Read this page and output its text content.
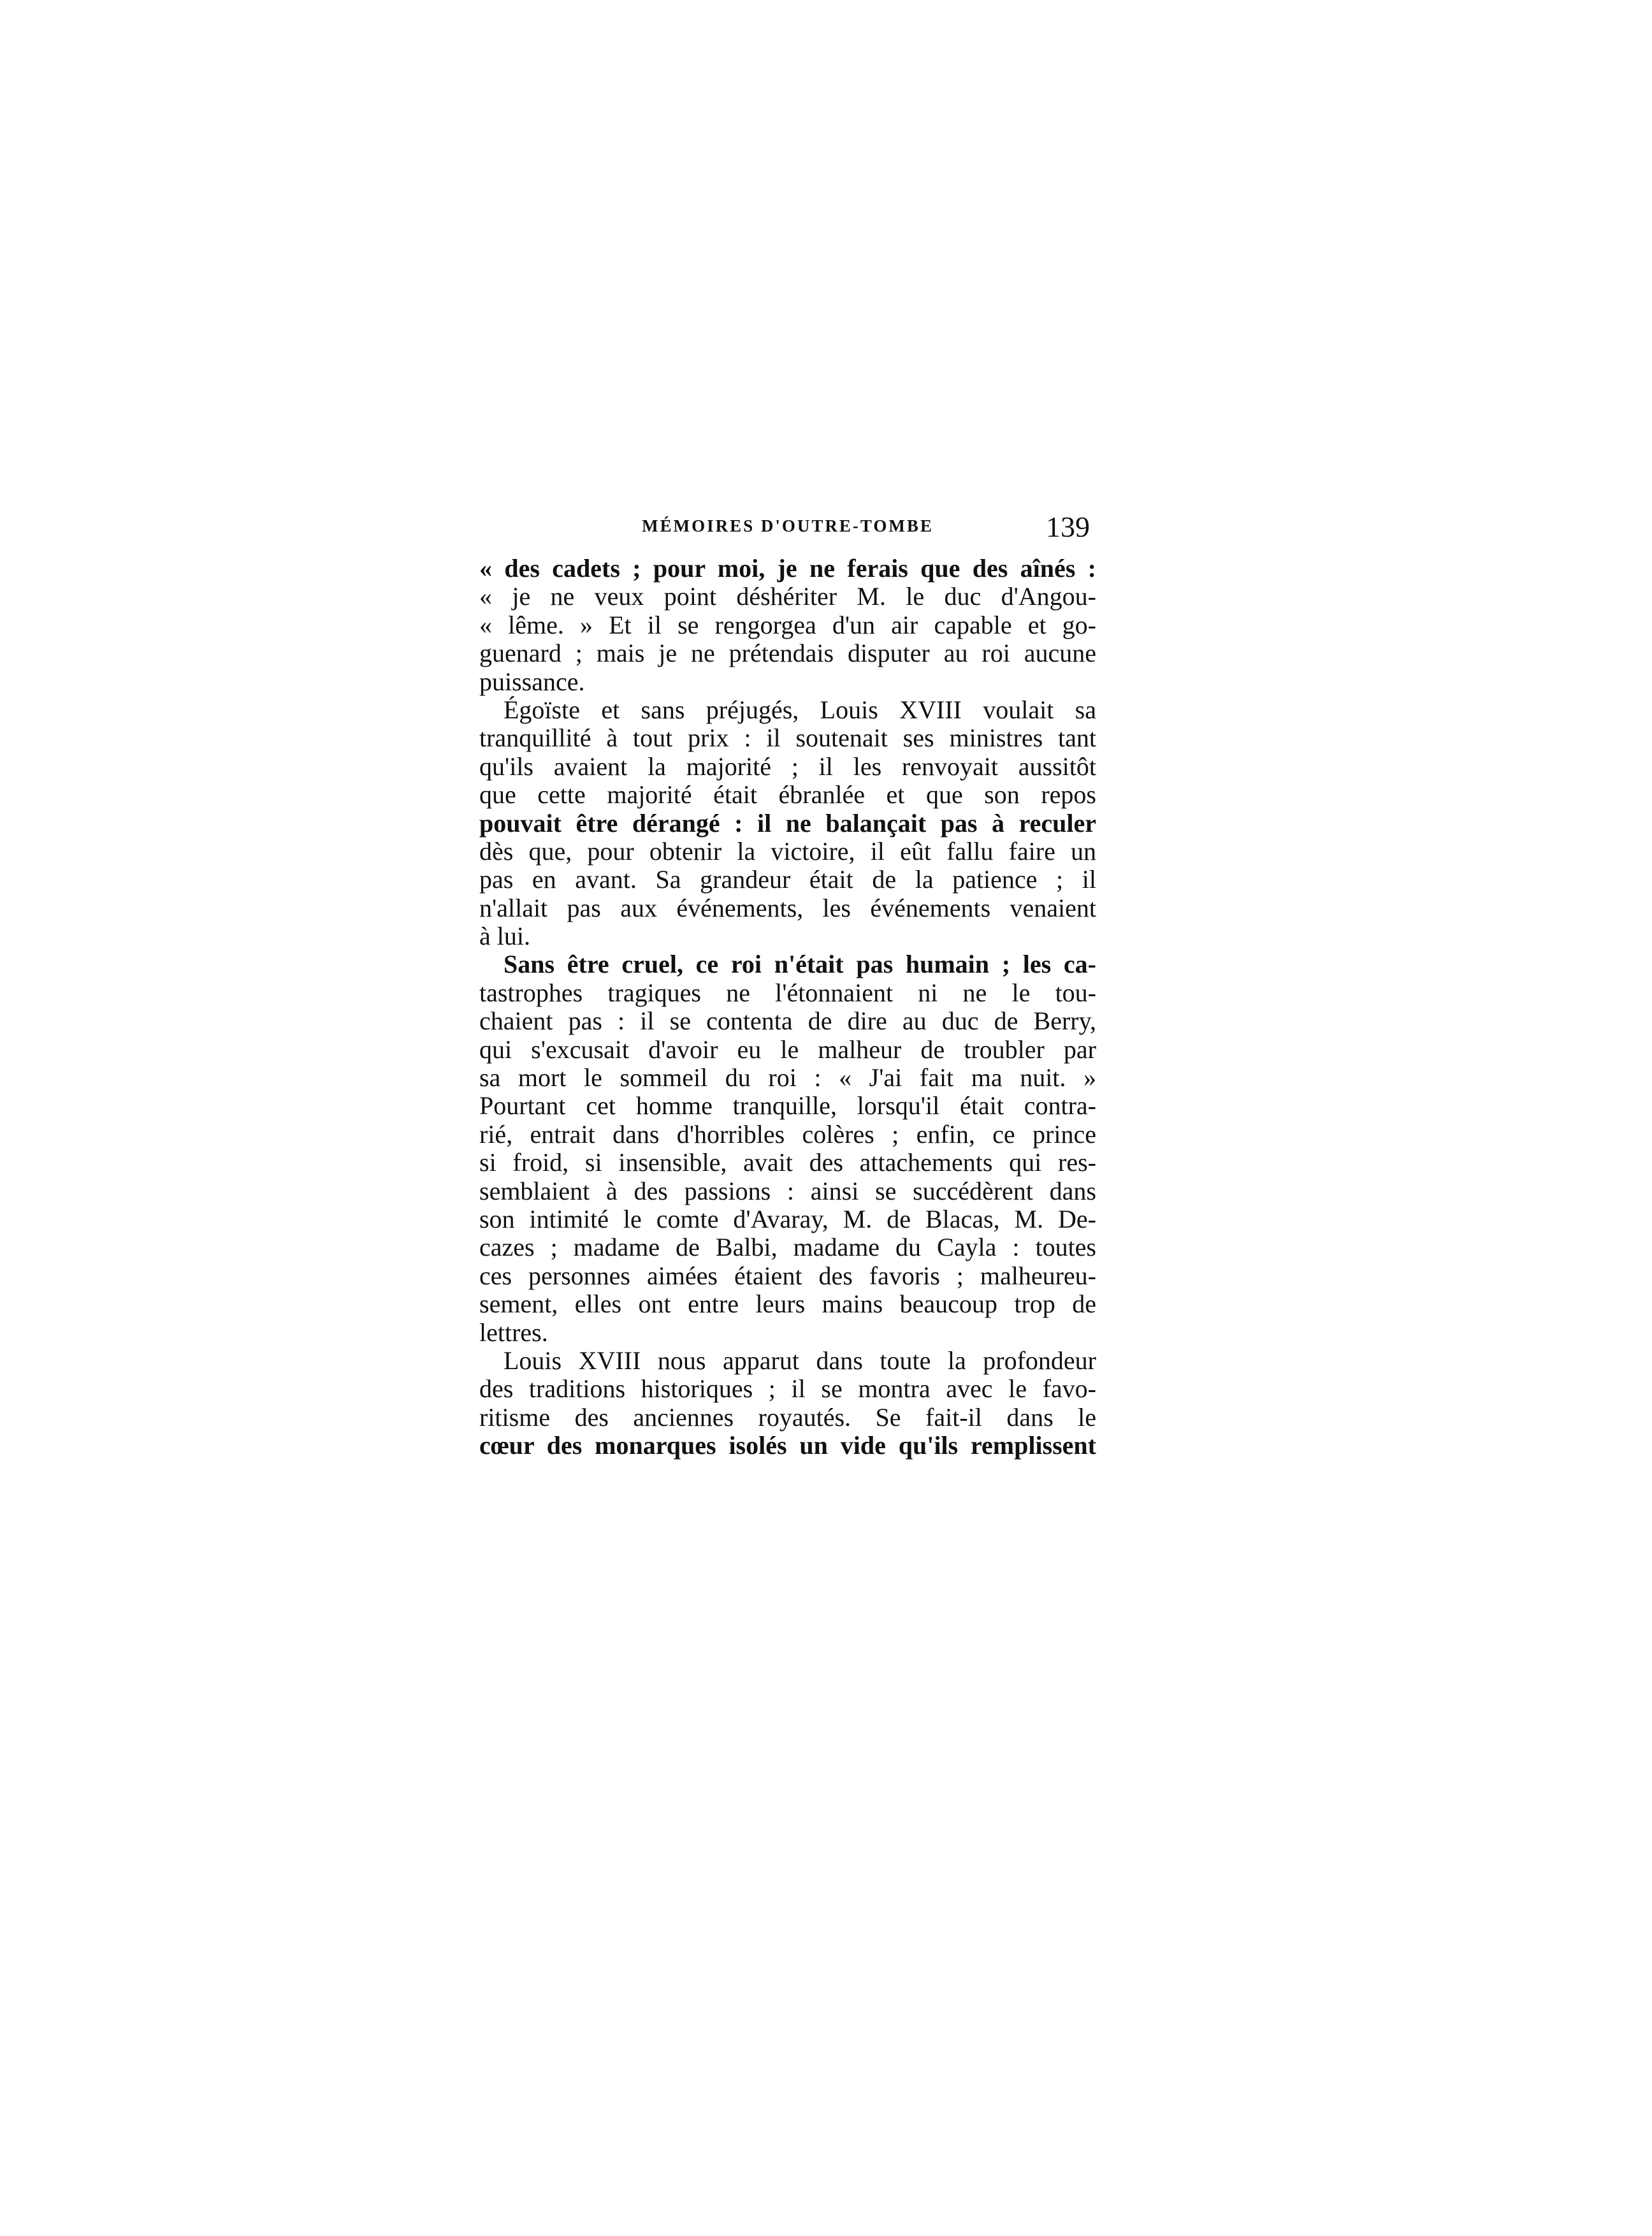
MÉMOIRES D'OUTRE-TOMBE	139
« des cadets ; pour moi, je ne ferais que des aînés :
« je ne veux point déshériter M. le duc d'Angou-
« lême. » Et il se rengorgea d'un air capable et go-
guenard ; mais je ne prétendais disputer au roi aucune
puissance.
Égoïste et sans préjugés, Louis XVIII voulait sa
tranquillité à tout prix : il soutenait ses ministres tant
qu'ils avaient la majorité ; il les renvoyait aussitôt
que cette majorité était ébranlée et que son repos
pouvait être dérangé : il ne balançait pas à reculer
dès que, pour obtenir la victoire, il eût fallu faire un
pas en avant. Sa grandeur était de la patience ; il
n'allait pas aux événements, les événements venaient
à lui.
Sans être cruel, ce roi n'était pas humain ; les ca-
tastrophes tragiques ne l'étonnaient ni ne le tou-
chaient pas : il se contenta de dire au duc de Berry,
qui s'excusait d'avoir eu le malheur de troubler par
sa mort le sommeil du roi : « J'ai fait ma nuit. »
Pourtant cet homme tranquille, lorsqu'il était contra-
rié, entrait dans d'horribles colères ; enfin, ce prince
si froid, si insensible, avait des attachements qui res-
semblaient à des passions : ainsi se succédèrent dans
son intimité le comte d'Avaray, M. de Blacas, M. De-
cazes ; madame de Balbi, madame du Cayla : toutes
ces personnes aimées étaient des favoris ; malheureu-
sement, elles ont entre leurs mains beaucoup trop de
lettres.
Louis XVIII nous apparut dans toute la profondeur
des traditions historiques ; il se montra avec le favo-
ritisme des anciennes royautés. Se fait-il dans le
cœur des monarques isolés un vide qu'ils remplissent
